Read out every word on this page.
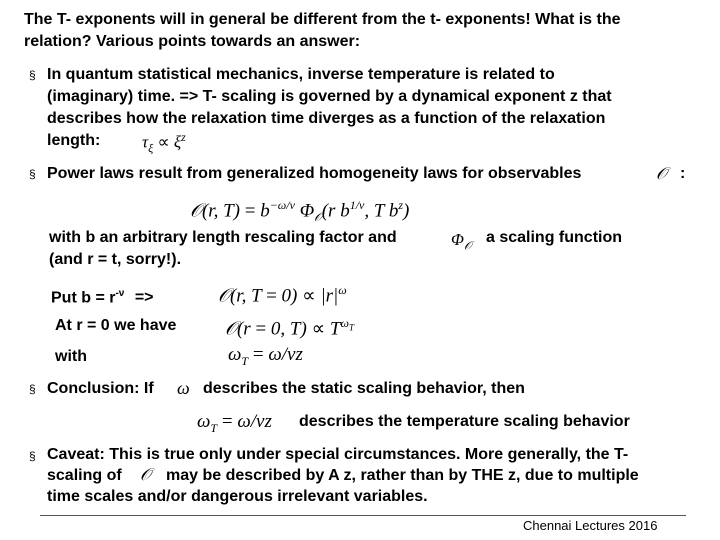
The T- exponents will in general be different from the t- exponents! What is the
relation? Various points towards an answer:
§ In quantum statistical mechanics, inverse temperature is related to
(imaginary) time. => T- scaling is governed by a dynamical exponent z that
describes how the relaxation time diverges as a function of the relaxation
length: $\tau_\xi \propto \xi^z$
§ Power laws result from generalized homogeneity laws for observables	𝒪 :
𝒪(r, $T) = b^{-\omega/\nu}$ $\Phi_𝒪(r$ $b^{1/\nu}$, T $b^z$)
with b an arbitrary length rescaling factor and	$\Phi_𝒪$ a scaling function
(and r = t, sorry!).
Put $b = r^{-\nu}$ =>	𝒪(r, $T = 0) \propto |r|^\omega$
At r = 0 we have	𝒪(r = 0, $T) \propto T^{\omega_T}$
with	$\omega_T = \omega/\nu z$
§ Conclusion: If ω describes the static scaling behavior, then
$\omega_T = \omega/\nu z$ describes the temperature scaling behavior
§ Caveat: This is true only under special circumstances. More generally, the T-
scaling of 𝒪 may be described by A z, rather than by THE z, due to multiple
time scales and/or dangerous irrelevant variables.
Chennai Lectures 2016
